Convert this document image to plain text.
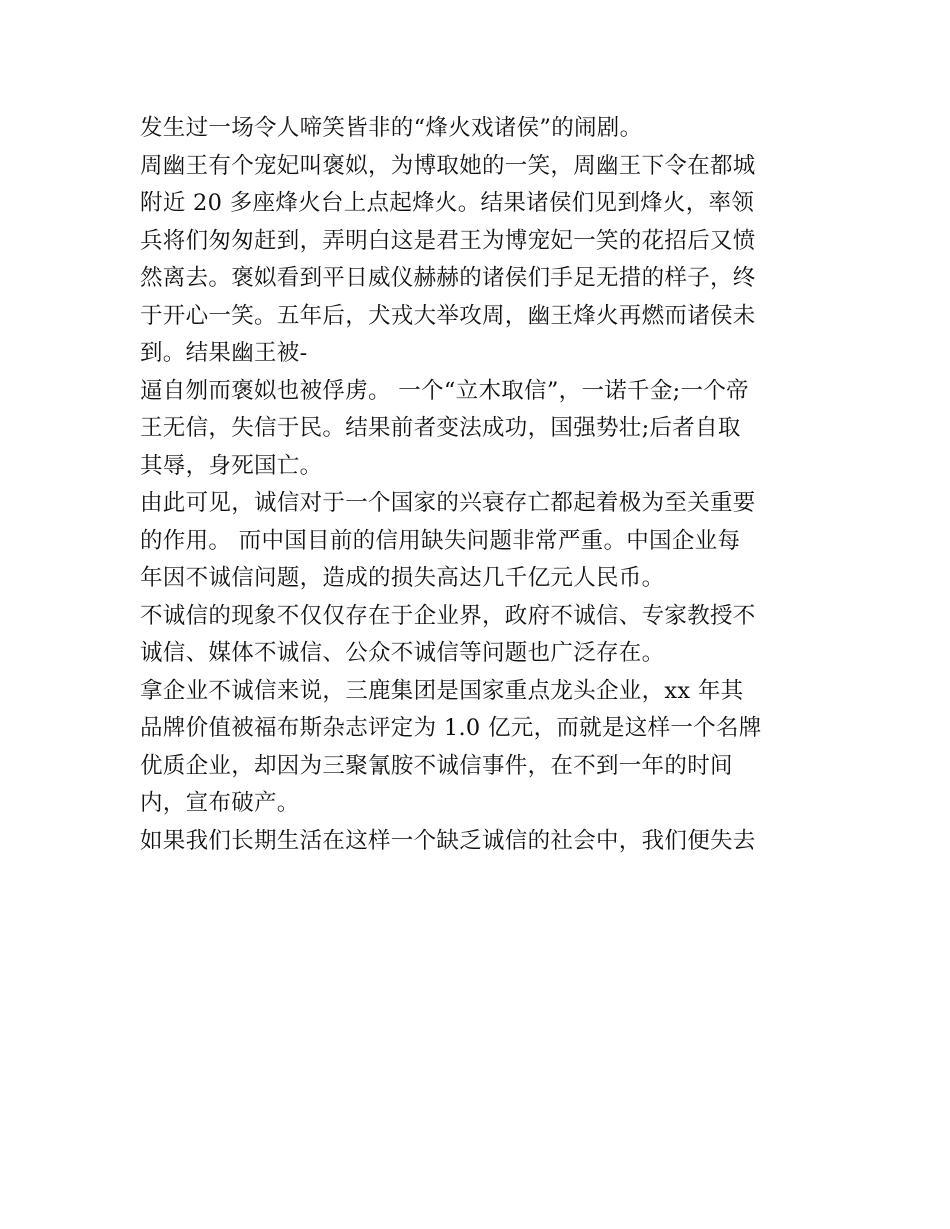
发生过一场令人啼笑皆非的“烽火戏诸侯”的闹剧。
周幽王有个宠妃叫褒姒，为博取她的一笑，周幽王下令在都城
附近 20 多座烽火台上点起烽火。结果诸侯们见到烽火，率领
兵将们匆匆赶到，弄明白这是君王为博宠妃一笑的花招后又愤
然离去。褒姒看到平日威仪赫赫的诸侯们手足无措的样子，终
于开心一笑。五年后，犬戎大举攻周，幽王烽火再燃而诸侯未
到。结果幽王被-
逼自刎而褒姒也被俘虏。 一个“立木取信”，一诺千金;一个帝
王无信，失信于民。结果前者变法成功，国强势壮;后者自取
其辱，身死国亡。
由此可见，诚信对于一个国家的兴衰存亡都起着极为至关重要
的作用。 而中国目前的信用缺失问题非常严重。中国企业每
年因不诚信问题，造成的损失高达几千亿元人民币。
不诚信的现象不仅仅存在于企业界，政府不诚信、专家教授不
诚信、媒体不诚信、公众不诚信等问题也广泛存在。
拿企业不诚信来说，三鹿集团是国家重点龙头企业，xx 年其
品牌价值被福布斯杂志评定为 1.0 亿元，而就是这样一个名牌
优质企业，却因为三聚氰胺不诚信事件，在不到一年的时间
内，宣布破产。
如果我们长期生活在这样一个缺乏诚信的社会中，我们便失去
